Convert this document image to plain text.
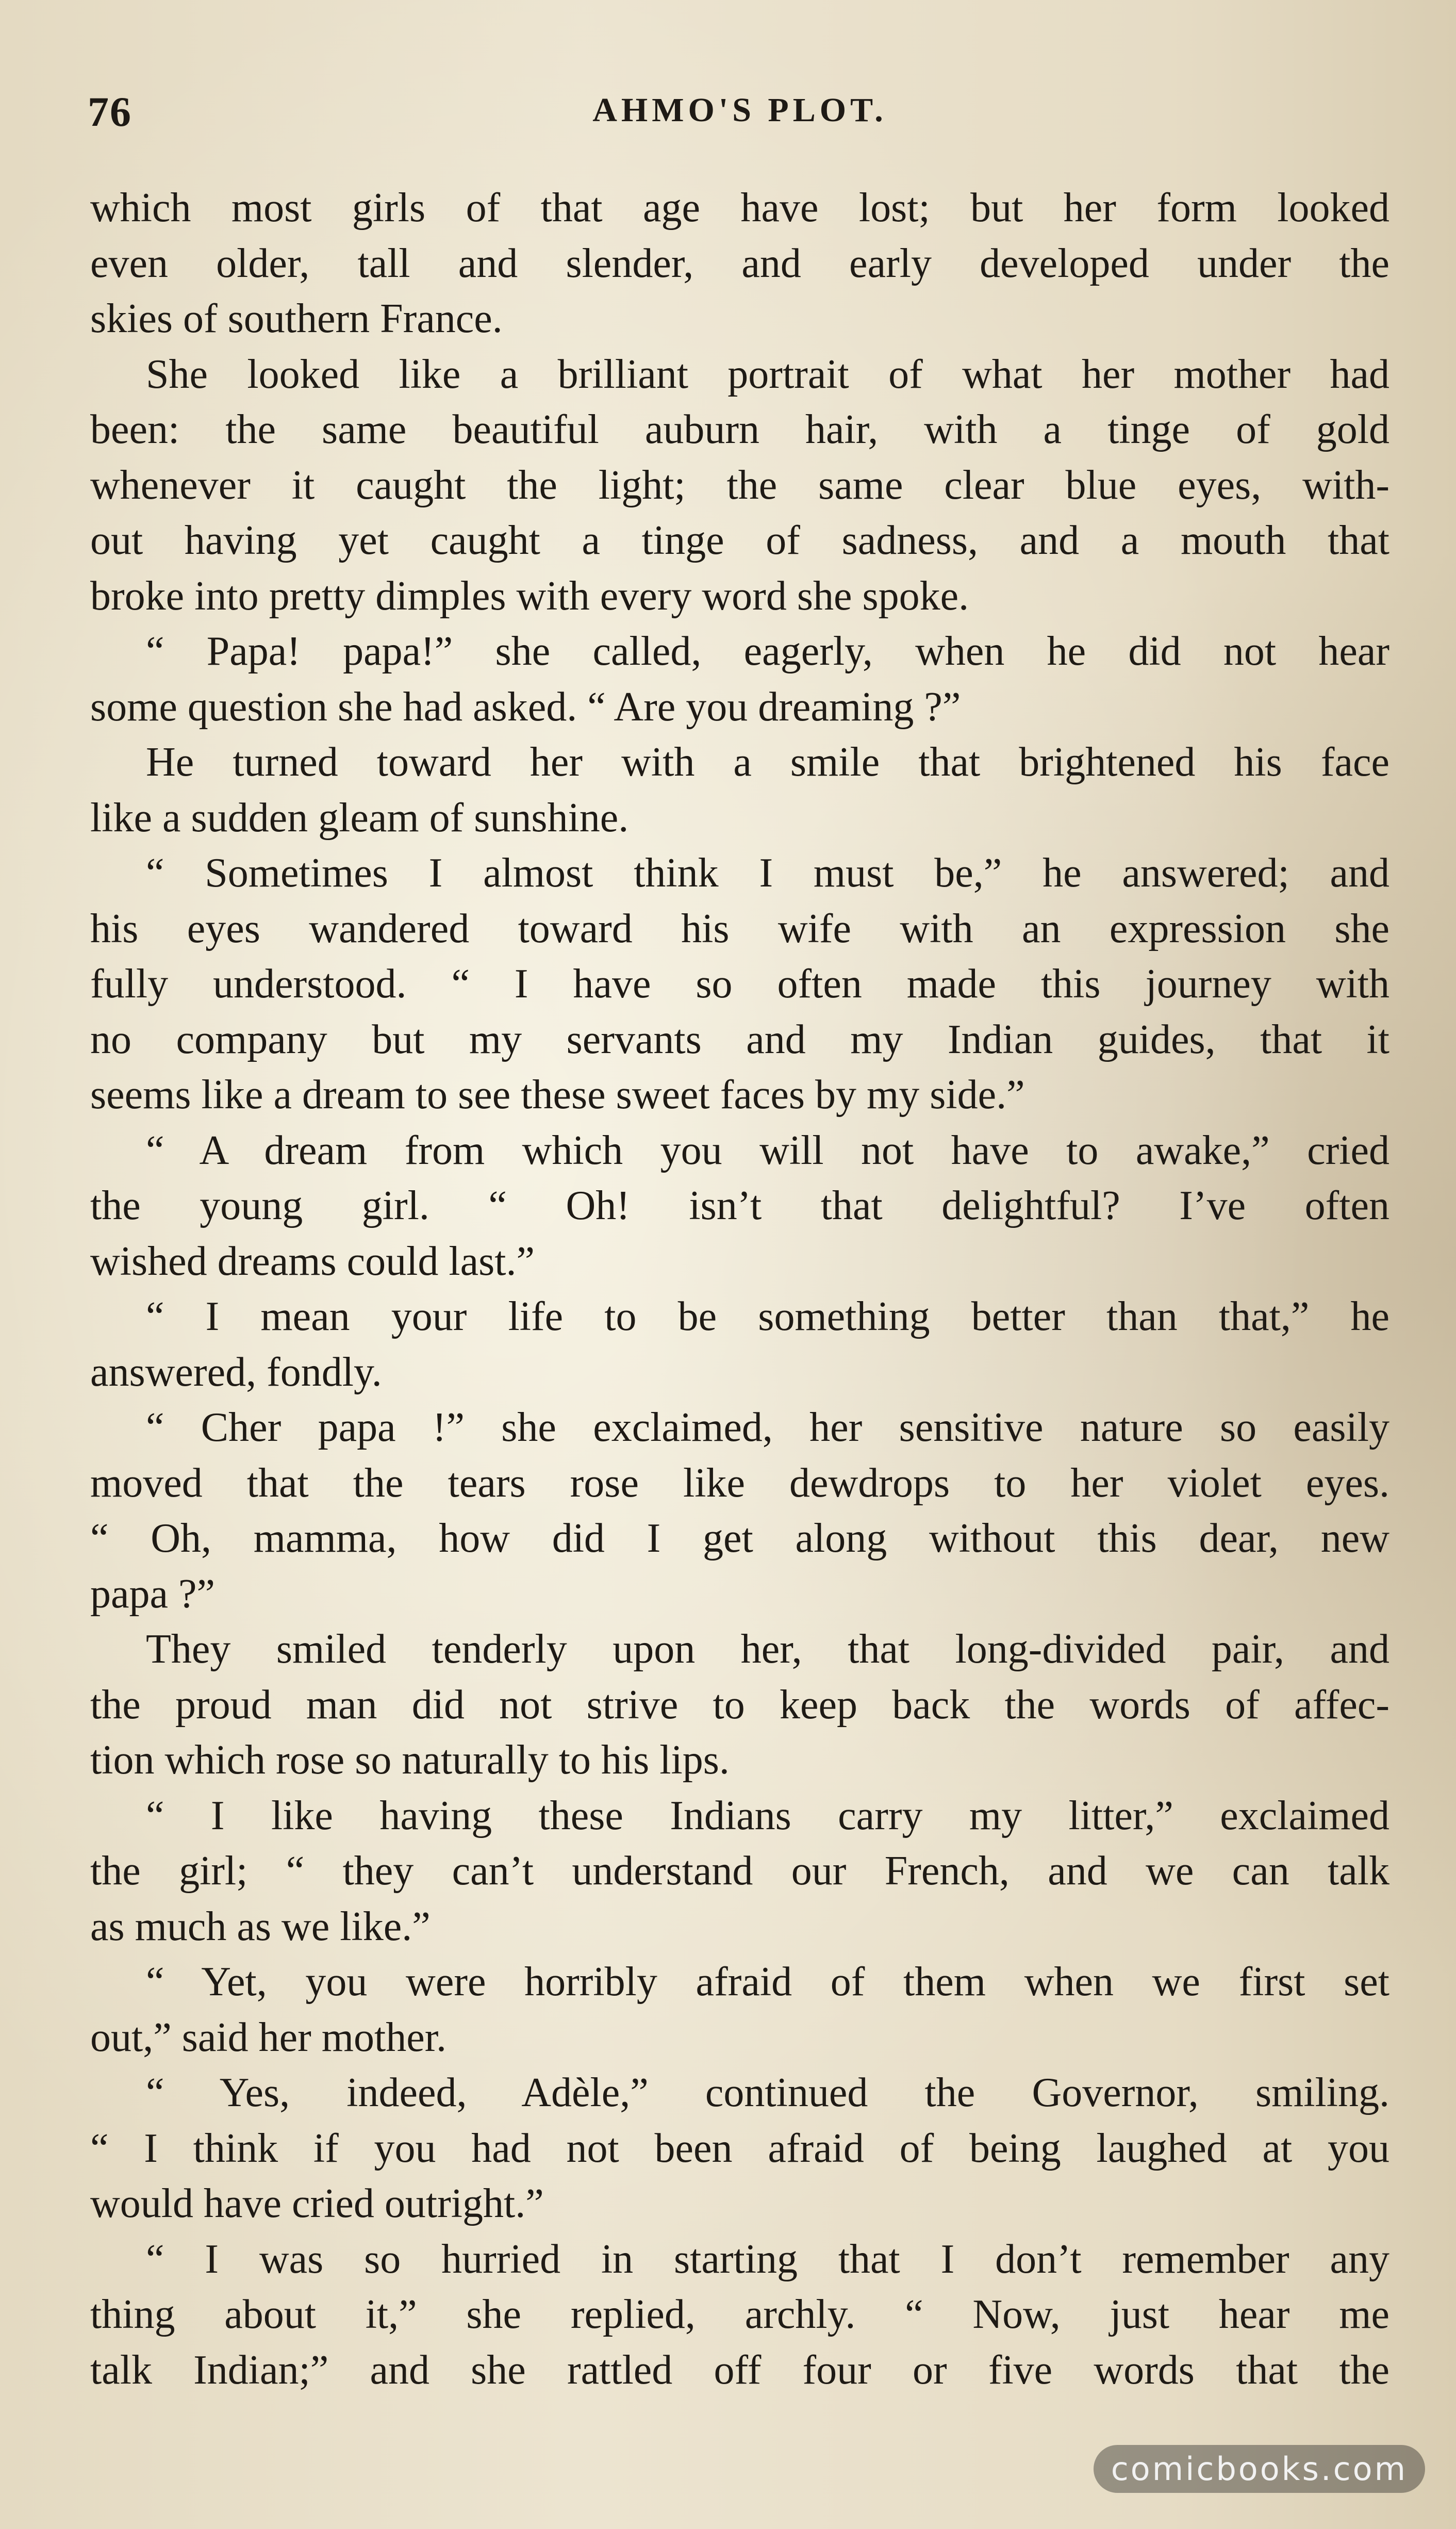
76	AHMO'S PLOT.

which most girls of that age have lost; but her form looked

even older, tall and slender, and early developed under the

skies of southern France.

She looked like a brilliant portrait of what her mother had

been: the same beautiful auburn hair, with a tinge of gold

whenever it caught the light; the same clear blue eyes, with-

out having yet caught a tinge of sadness, and a mouth that

broke into pretty dimples with every word she spoke.

“ Papa! papa!” she called, eagerly, when he did not hear

some question she had asked. “ Are you dreaming ?”

He turned toward her with a smile that brightened his face

like a sudden gleam of sunshine.

“ Sometimes I almost think I must be,” he answered; and

his eyes wandered toward his wife with an expression she

fully understood. “ I have so often made this journey with

no company but my servants and my Indian guides, that it

seems like a dream to see these sweet faces by my side.”

“ A dream from which you will not have to awake,” cried

the young girl. “ Oh! isn’t that delightful? I’ve often

wished dreams could last.”

“ I mean your life to be something better than that,” he

answered, fondly.

“ Cher papa !” she exclaimed, her sensitive nature so easily

moved that the tears rose like dewdrops to her violet eyes.

“ Oh, mamma, how did I get along without this dear, new

papa ?”

They smiled tenderly upon her, that long-divided pair, and

the proud man did not strive to keep back the words of affec-

tion which rose so naturally to his lips.

“ I like having these Indians carry my litter,” exclaimed

the girl; “ they can’t understand our French, and we can talk

as much as we like.”

“ Yet, you were horribly afraid of them when we first set

out,” said her mother.

“ Yes, indeed, Adèle,” continued the Governor, smiling.

“ I think if you had not been afraid of being laughed at you

would have cried outright.”

“ I was so hurried in starting that I don’t remember any

thing about it,” she replied, archly. “ Now, just hear me

talk Indian;” and she rattled off four or five words that the

comicbooks.com
